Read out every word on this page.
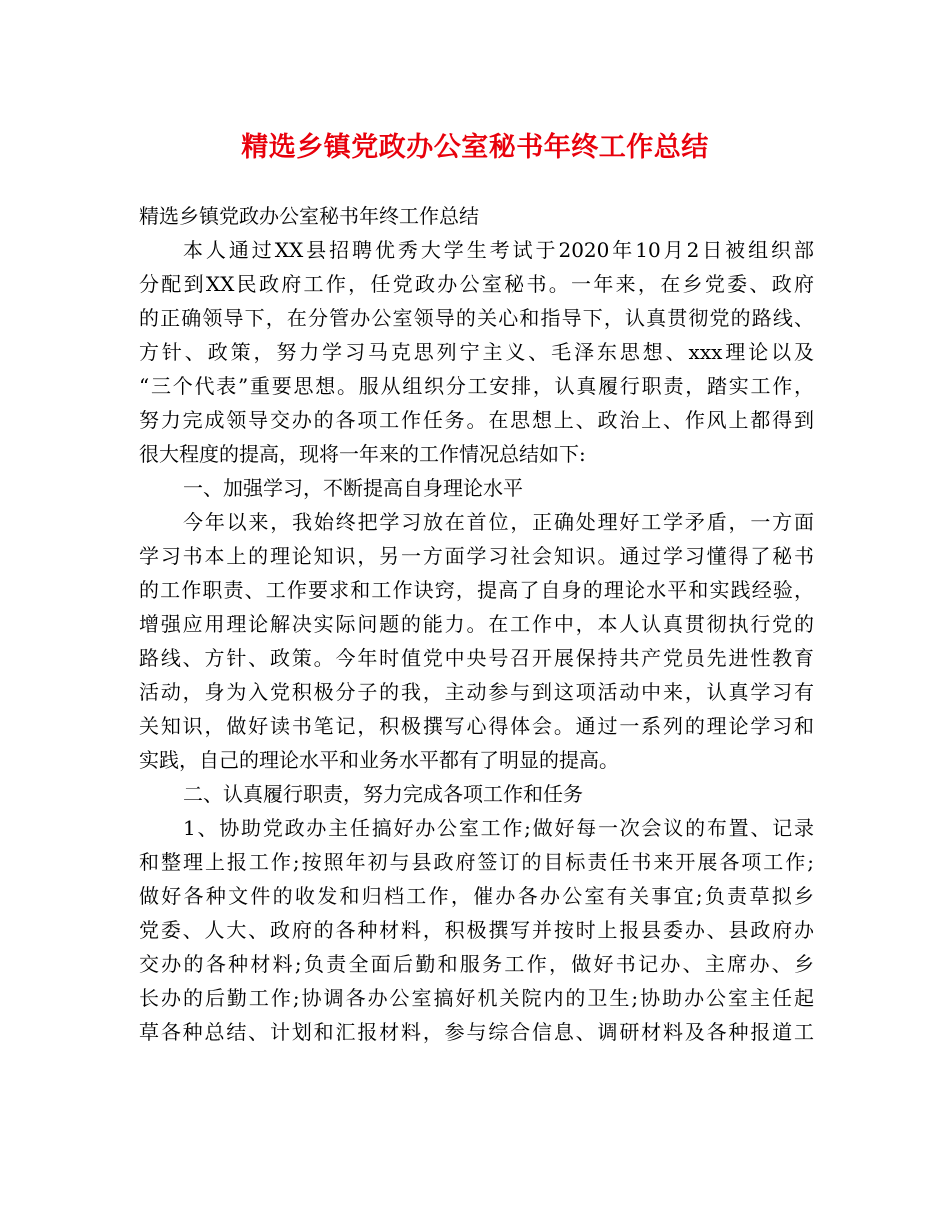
精选乡镇党政办公室秘书年终工作总结
精选乡镇党政办公室秘书年终工作总结
本人通过XX县招聘优秀大学生考试于2020年10月2日被组织部
分配到XX民政府工作，任党政办公室秘书。一年来，在乡党委、政府
的正确领导下，在分管办公室领导的关心和指导下，认真贯彻党的路线、
方针、政策，努力学习马克思列宁主义、毛泽东思想、xxx理论以及
“三个代表”重要思想。服从组织分工安排，认真履行职责，踏实工作，
努力完成领导交办的各项工作任务。在思想上、政治上、作风上都得到
很大程度的提高，现将一年来的工作情况总结如下:
一、加强学习，不断提高自身理论水平
今年以来，我始终把学习放在首位，正确处理好工学矛盾，一方面
学习书本上的理论知识，另一方面学习社会知识。通过学习懂得了秘书
的工作职责、工作要求和工作诀窍，提高了自身的理论水平和实践经验，
增强应用理论解决实际问题的能力。在工作中，本人认真贯彻执行党的
路线、方针、政策。今年时值党中央号召开展保持共产党员先进性教育
活动，身为入党积极分子的我，主动参与到这项活动中来，认真学习有
关知识，做好读书笔记，积极撰写心得体会。通过一系列的理论学习和
实践，自己的理论水平和业务水平都有了明显的提高。
二、认真履行职责，努力完成各项工作和任务
1、协助党政办主任搞好办公室工作;做好每一次会议的布置、记录
和整理上报工作;按照年初与县政府签订的目标责任书来开展各项工作;
做好各种文件的收发和归档工作，催办各办公室有关事宜;负责草拟乡
党委、人大、政府的各种材料，积极撰写并按时上报县委办、县政府办
交办的各种材料;负责全面后勤和服务工作，做好书记办、主席办、乡
长办的后勤工作;协调各办公室搞好机关院内的卫生;协助办公室主任起
草各种总结、计划和汇报材料，参与综合信息、调研材料及各种报道工
